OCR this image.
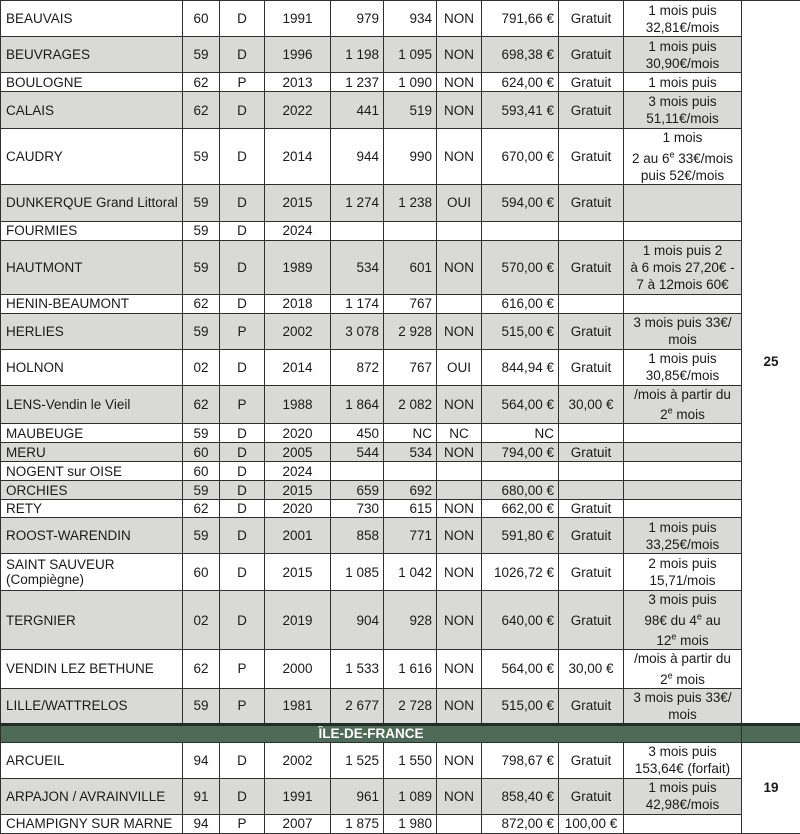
BEAUVAIS	60	D	1991	979	934	NON	791,66 €	Gratuit	1 mois puis
32,81€/mois	25
BEUVRAGES	59	D	1996	1 198	1 095	NON	698,38 €	Gratuit	1 mois puis
30,90€/mois	
BOULOGNE	62	P	2013	1 237	1 090	NON	624,00 €	Gratuit	1 mois puis	
CALAIS	62	D	2022	441	519	NON	593,41 €	Gratuit	3 mois puis
51,11€/mois	
CAUDRY	59	D	2014	944	990	NON	670,00 €	Gratuit	1 mois
2 au 6e 33€/mois
puis 52€/mois	
DUNKERQUE Grand Littoral	59	D	2015	1 274	1 238	OUI	594,00 €	Gratuit		
FOURMIES	59	D	2024							
HAUTMONT	59	D	1989	534	601	NON	570,00 €	Gratuit	1 mois puis 2
à 6 mois 27,20€ -
7 à 12mois 60€	
HENIN-BEAUMONT	62	D	2018	1 174	767		616,00 €			
HERLIES	59	P	2002	3 078	2 928	NON	515,00 €	Gratuit	3 mois puis 33€/
mois	
HOLNON	02	D	2014	872	767	OUI	844,94 €	Gratuit	1 mois puis
30,85€/mois	
LENS-Vendin le Vieil	62	P	1988	1 864	2 082	NON	564,00 €	30,00 €	/mois à partir du
2e mois	
MAUBEUGE	59	D	2020	450	NC	NC	NC			
MERU	60	D	2005	544	534	NON	794,00 €	Gratuit		
NOGENT sur OISE	60	D	2024							
ORCHIES	59	D	2015	659	692		680,00 €			
RETY	62	D	2020	730	615	NON	662,00 €	Gratuit		
ROOST-WARENDIN	59	D	2001	858	771	NON	591,80 €	Gratuit	1 mois puis
33,25€/mois	
SAINT SAUVEUR (Compiègne)	60	D	2015	1 085	1 042	NON	1026,72 €	Gratuit	2 mois puis
15,71/mois	
TERGNIER	02	D	2019	904	928	NON	640,00 €	Gratuit	3 mois puis
98€ du 4e au
12e mois	
VENDIN LEZ BETHUNE	62	P	2000	1 533	1 616	NON	564,00 €	30,00 €	/mois à partir du
2e mois	
LILLE/WATTRELOS	59	P	1981	2 677	2 728	NON	515,00 €	Gratuit	3 mois puis 33€/
mois	
ÎLE-DE-FRANCE										
ARCUEIL	94	D	2002	1 525	1 550	NON	798,67 €	Gratuit	3 mois puis
153,64€ (forfait)	19
ARPAJON / AVRAINVILLE	91	D	1991	961	1 089	NON	858,40 €	Gratuit	1 mois puis
42,98€/mois	
CHAMPIGNY SUR MARNE	94	P	2007	1 875	1 980		872,00 €	100,00 €		
